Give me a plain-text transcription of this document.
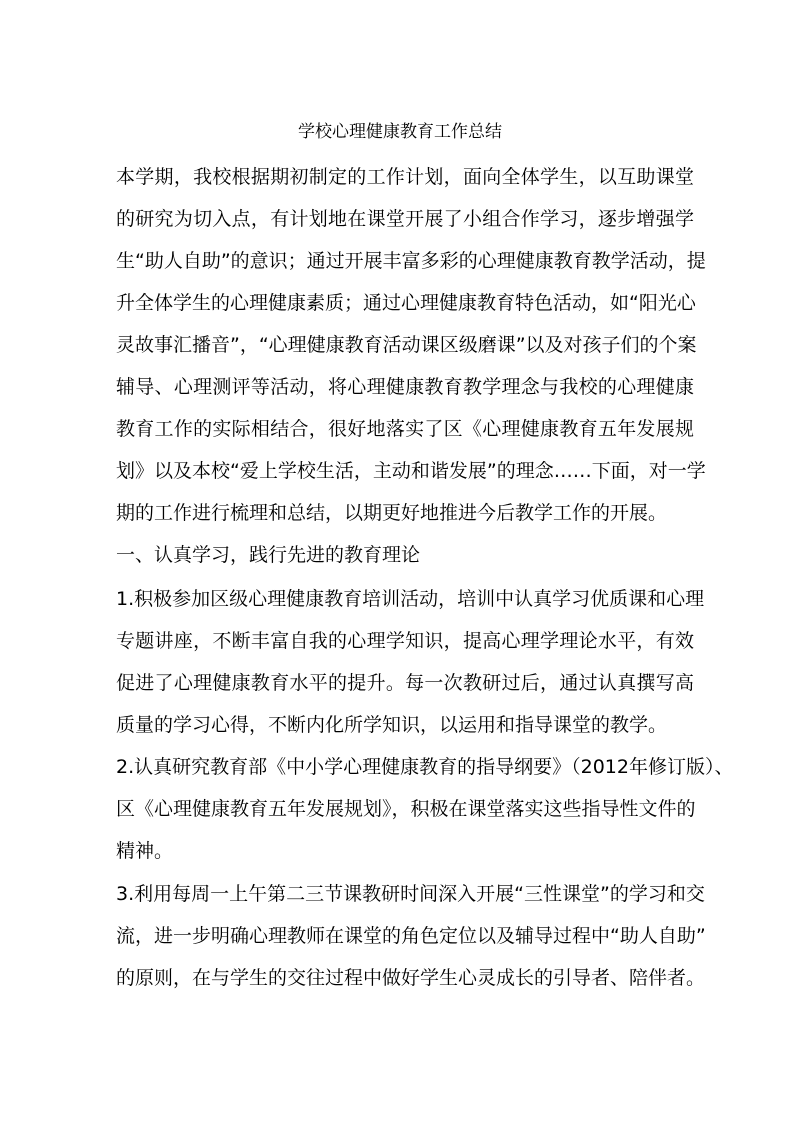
学校心理健康教育工作总结
本学期，我校根据期初制定的工作计划，面向全体学生，以互助课堂
的研究为切入点，有计划地在课堂开展了小组合作学习，逐步增强学
生“助人自助”的意识；通过开展丰富多彩的心理健康教育教学活动，提
升全体学生的心理健康素质；通过心理健康教育特色活动，如“阳光心
灵故事汇播音”，“心理健康教育活动课区级磨课”以及对孩子们的个案
辅导、心理测评等活动，将心理健康教育教学理念与我校的心理健康
教育工作的实际相结合，很好地落实了区《心理健康教育五年发展规
划》以及本校“爱上学校生活，主动和谐发展”的理念……下面，对一学
期的工作进行梳理和总结，以期更好地推进今后教学工作的开展。
一、认真学习，践行先进的教育理论
1.积极参加区级心理健康教育培训活动，培训中认真学习优质课和心理
专题讲座，不断丰富自我的心理学知识，提高心理学理论水平，有效
促进了心理健康教育水平的提升。每一次教研过后，通过认真撰写高
质量的学习心得，不断内化所学知识，以运用和指导课堂的教学。
2.认真研究教育部《中小学心理健康教育的指导纲要》（2012年修订版）、
区《心理健康教育五年发展规划》，积极在课堂落实这些指导性文件的
精神。
3.利用每周一上午第二三节课教研时间深入开展“三性课堂”的学习和交
流，进一步明确心理教师在课堂的角色定位以及辅导过程中“助人自助”
的原则，在与学生的交往过程中做好学生心灵成长的引导者、陪伴者。
